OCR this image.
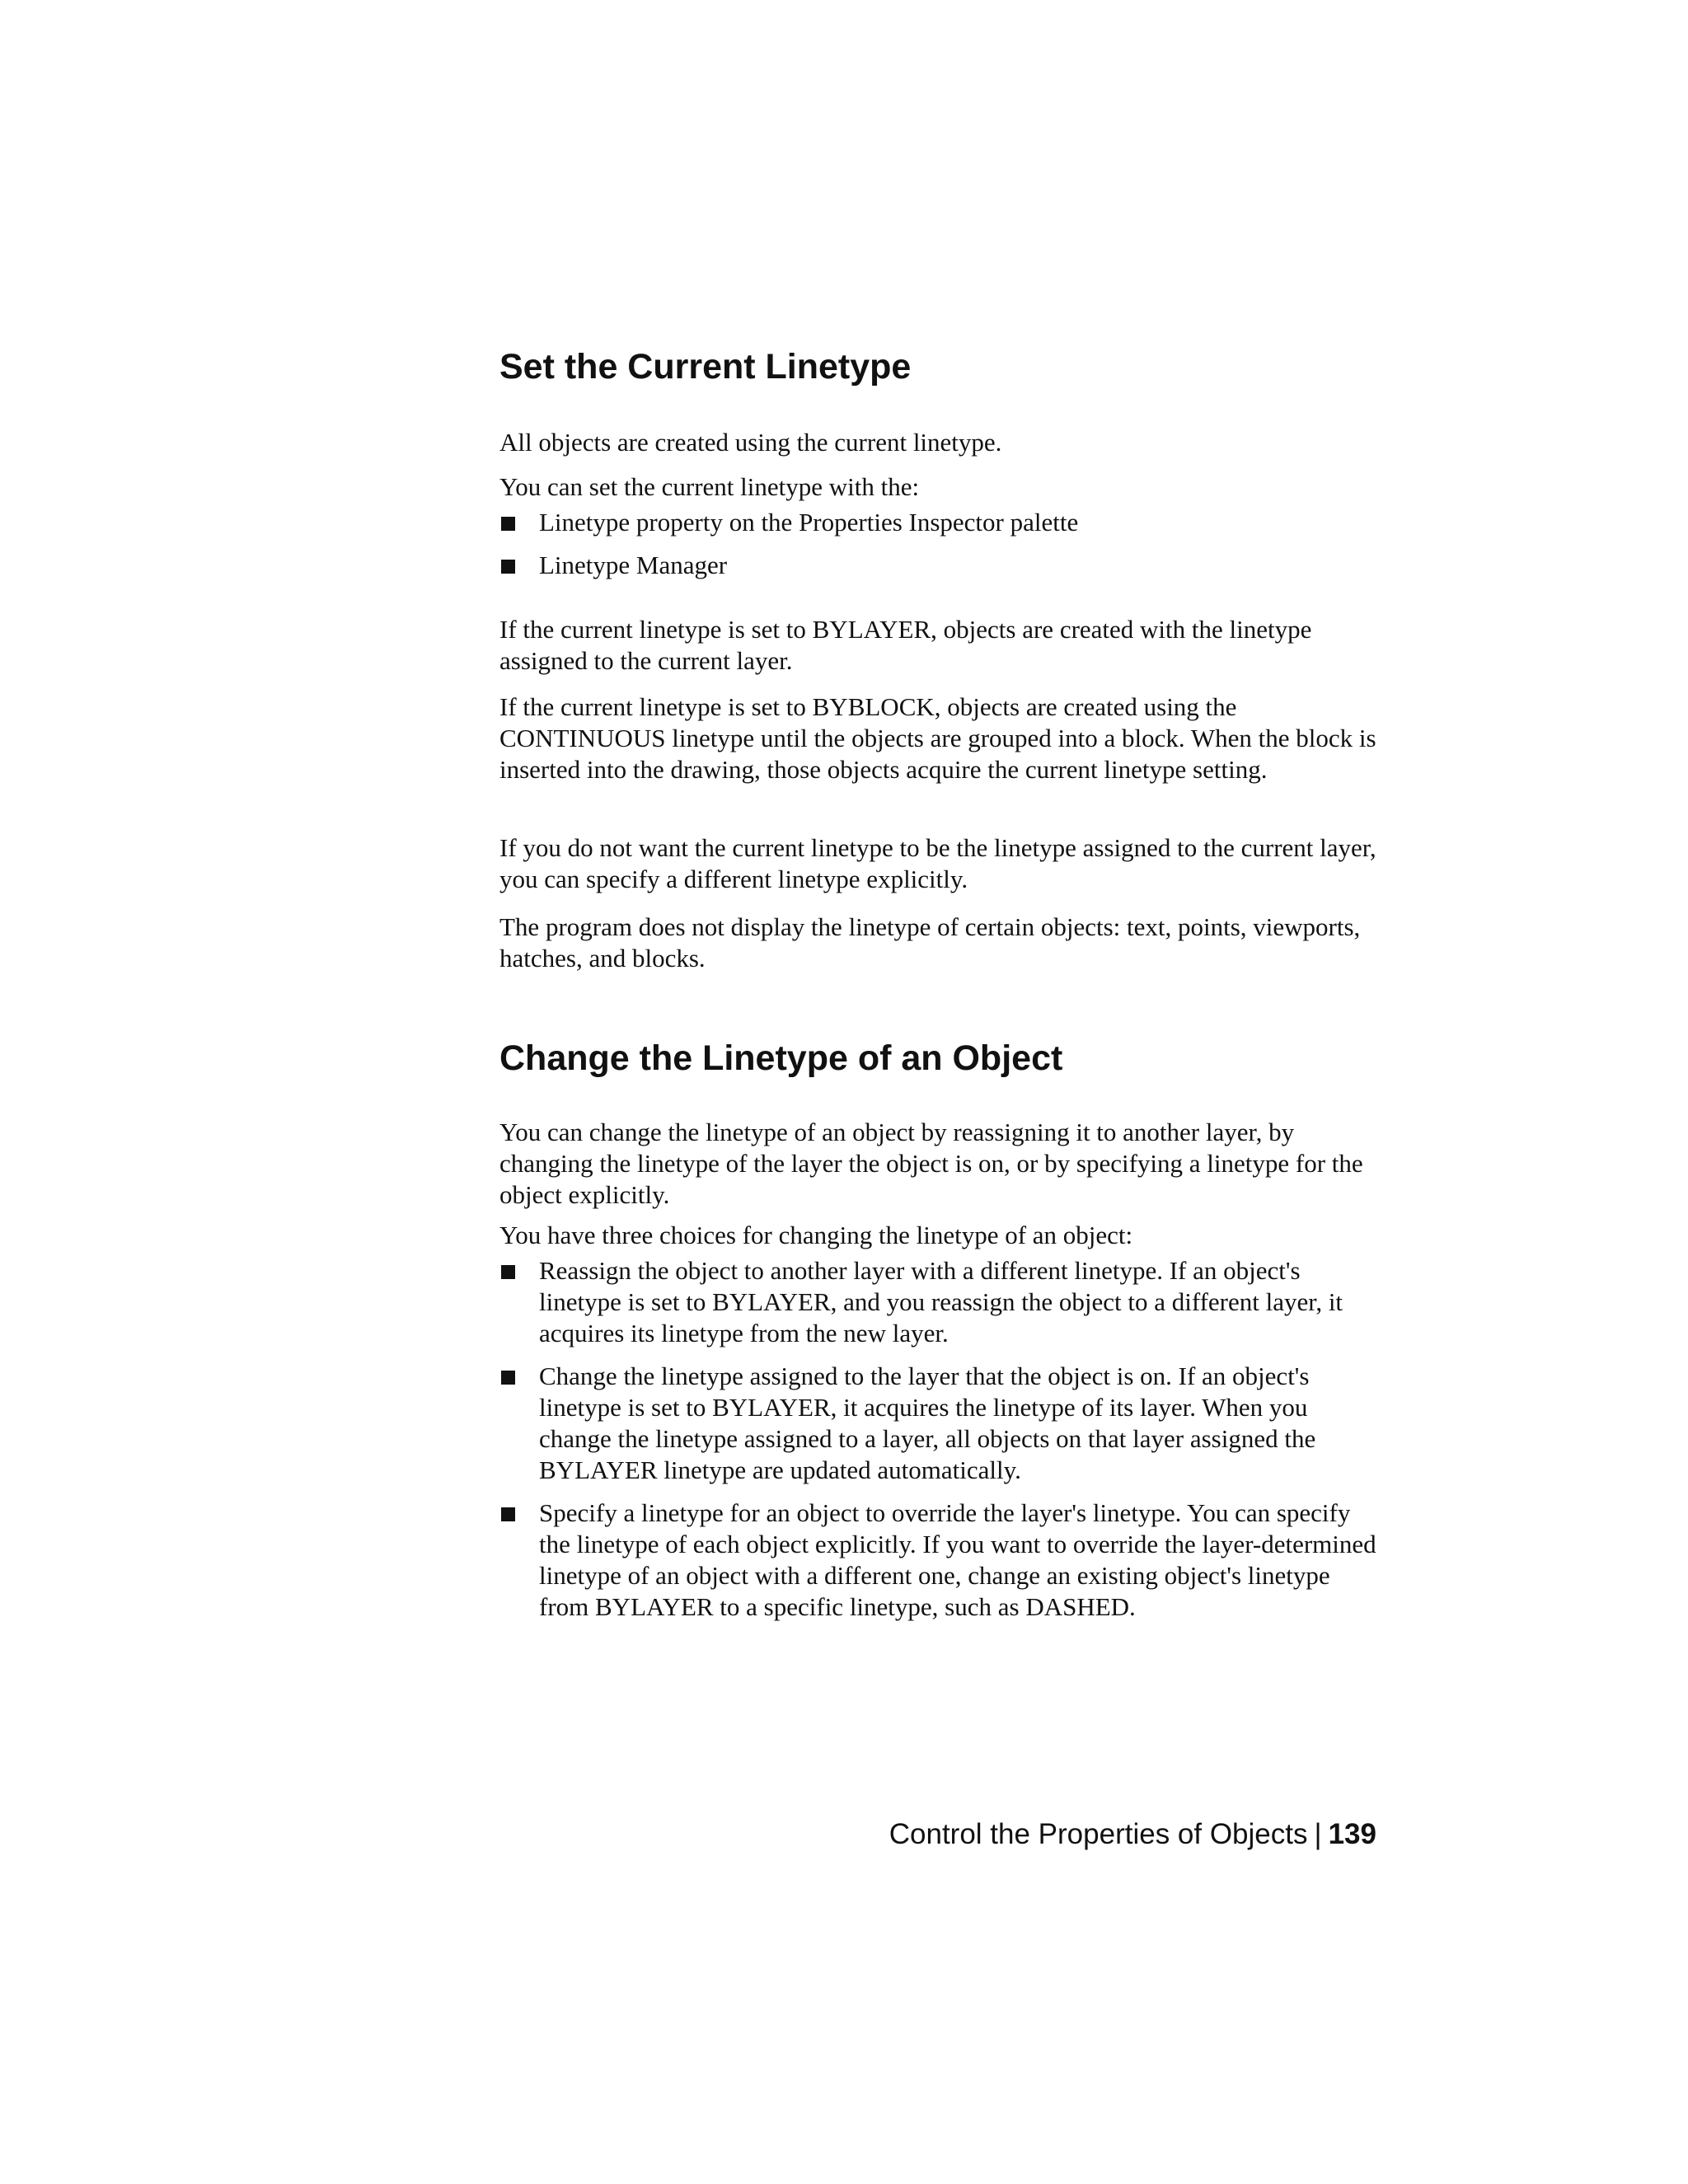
Set the Current Linetype

All objects are created using the current linetype.

You can set the current linetype with the:

Linetype property on the Properties Inspector palette
Linetype Manager

If the current linetype is set to BYLAYER, objects are created with the linetype assigned to the current layer.

If the current linetype is set to BYBLOCK, objects are created using the CONTINUOUS linetype until the objects are grouped into a block. When the block is inserted into the drawing, those objects acquire the current linetype setting.

If you do not want the current linetype to be the linetype assigned to the current layer, you can specify a different linetype explicitly.

The program does not display the linetype of certain objects: text, points, viewports, hatches, and blocks.

Change the Linetype of an Object

You can change the linetype of an object by reassigning it to another layer, by changing the linetype of the layer the object is on, or by specifying a linetype for the object explicitly.

You have three choices for changing the linetype of an object:

Reassign the object to another layer with a different linetype. If an object's linetype is set to BYLAYER, and you reassign the object to a different layer, it acquires its linetype from the new layer.
Change the linetype assigned to the layer that the object is on. If an object's linetype is set to BYLAYER, it acquires the linetype of its layer. When you change the linetype assigned to a layer, all objects on that layer assigned the BYLAYER linetype are updated automatically.
Specify a linetype for an object to override the layer's linetype. You can specify the linetype of each object explicitly. If you want to override the layer-determined linetype of an object with a different one, change an existing object's linetype from BYLAYER to a specific linetype, such as DASHED.
Control the Properties of Objects | 139
